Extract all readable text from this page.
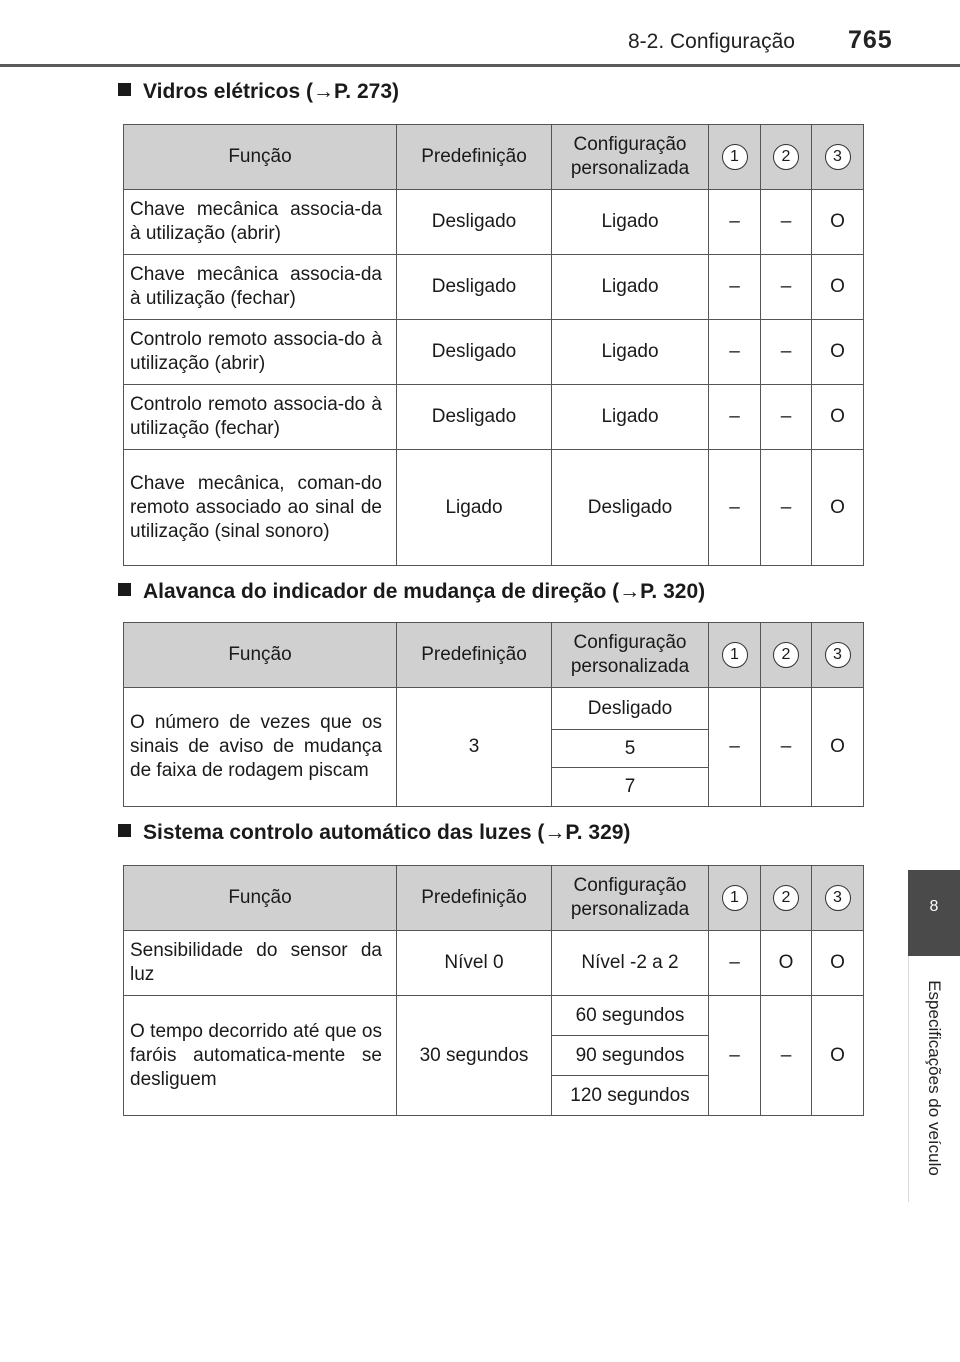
8-2. Configuração 765
8
Especificações do veículo
Vidros elétricos (→P. 273)
Função	Predefinição	Configuração personalizada	1	2	3
Chave mecânica associa-da à utilização (abrir)	Desligado	Ligado	–	–	O
Chave mecânica associa-da à utilização (fechar)	Desligado	Ligado	–	–	O
Controlo remoto associa-do à utilização (abrir)	Desligado	Ligado	–	–	O
Controlo remoto associa-do à utilização (fechar)	Desligado	Ligado	–	–	O
Chave mecânica, coman-do remoto associado ao sinal de utilização (sinal sonoro)	Ligado	Desligado	–	–	O
Alavanca do indicador de mudança de direção (→P. 320)
Função	Predefinição	Configuração personalizada	1	2	3
O número de vezes que os sinais de aviso de mudança de faixa de rodagem piscam	3	Desligado	–	–	O
		5			
		7			
Sistema controlo automático das luzes (→P. 329)
Função	Predefinição	Configuração personalizada	1	2	3
Sensibilidade do sensor da luz	Nível 0	Nível -2 a 2	–	O	O
O tempo decorrido até que os faróis automatica-mente se desliguem	30 segundos	60 segundos	–	–	O
		90 segundos			
		120 segundos			
